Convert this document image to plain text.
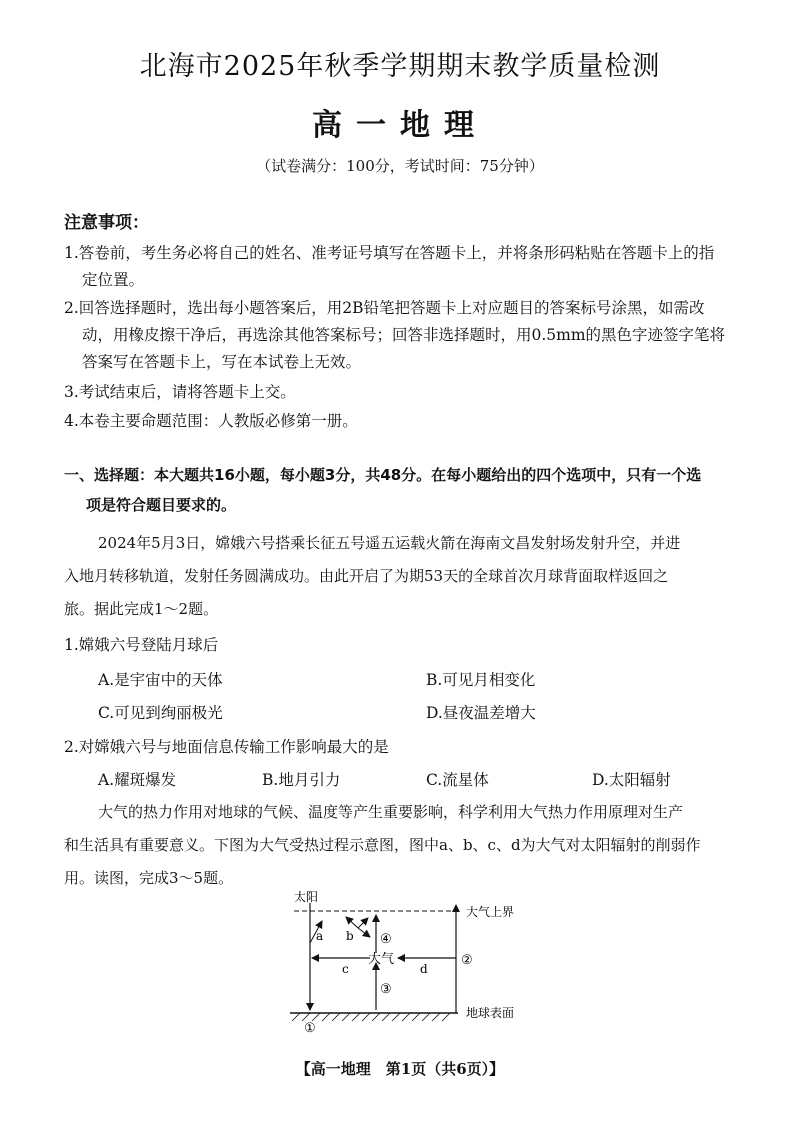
北海市2025年秋季学期期末教学质量检测
高一地理
（试卷满分：100分，考试时间：75分钟）
注意事项：
1.答卷前，考生务必将自己的姓名、准考证号填写在答题卡上，并将条形码粘贴在答题卡上的指
定位置。
2.回答选择题时，选出每小题答案后，用2B铅笔把答题卡上对应题目的答案标号涂黑，如需改
动，用橡皮擦干净后，再选涂其他答案标号；回答非选择题时，用0.5mm的黑色字迹签字笔将
答案写在答题卡上，写在本试卷上无效。
3.考试结束后，请将答题卡上交。
4.本卷主要命题范围：人教版必修第一册。
一、选择题：本大题共16小题，每小题3分，共48分。在每小题给出的四个选项中，只有一个选
项是符合题目要求的。
2024年5月3日，嫦娥六号搭乘长征五号遥五运载火箭在海南文昌发射场发射升空，并进
入地月转移轨道，发射任务圆满成功。由此开启了为期53天的全球首次月球背面取样返回之
旅。据此完成1～2题。
1.嫦娥六号登陆月球后
A.是宇宙中的天体	B.可见月相变化
C.可见到绚丽极光	D.昼夜温差增大
2.对嫦娥六号与地面信息传输工作影响最大的是
A.耀斑爆发	B.地月引力	C.流星体	D.太阳辐射
大气的热力作用对地球的气候、温度等产生重要影响，科学利用大气热力作用原理对生产
和生活具有重要意义。下图为大气受热过程示意图，图中a、b、c、d为大气对太阳辐射的削弱作
用。读图，完成3～5题。
太阳
大气上界
大气
地球表面
a b
c	d
①
②
③
④
【高一地理　第1页（共6页）】
